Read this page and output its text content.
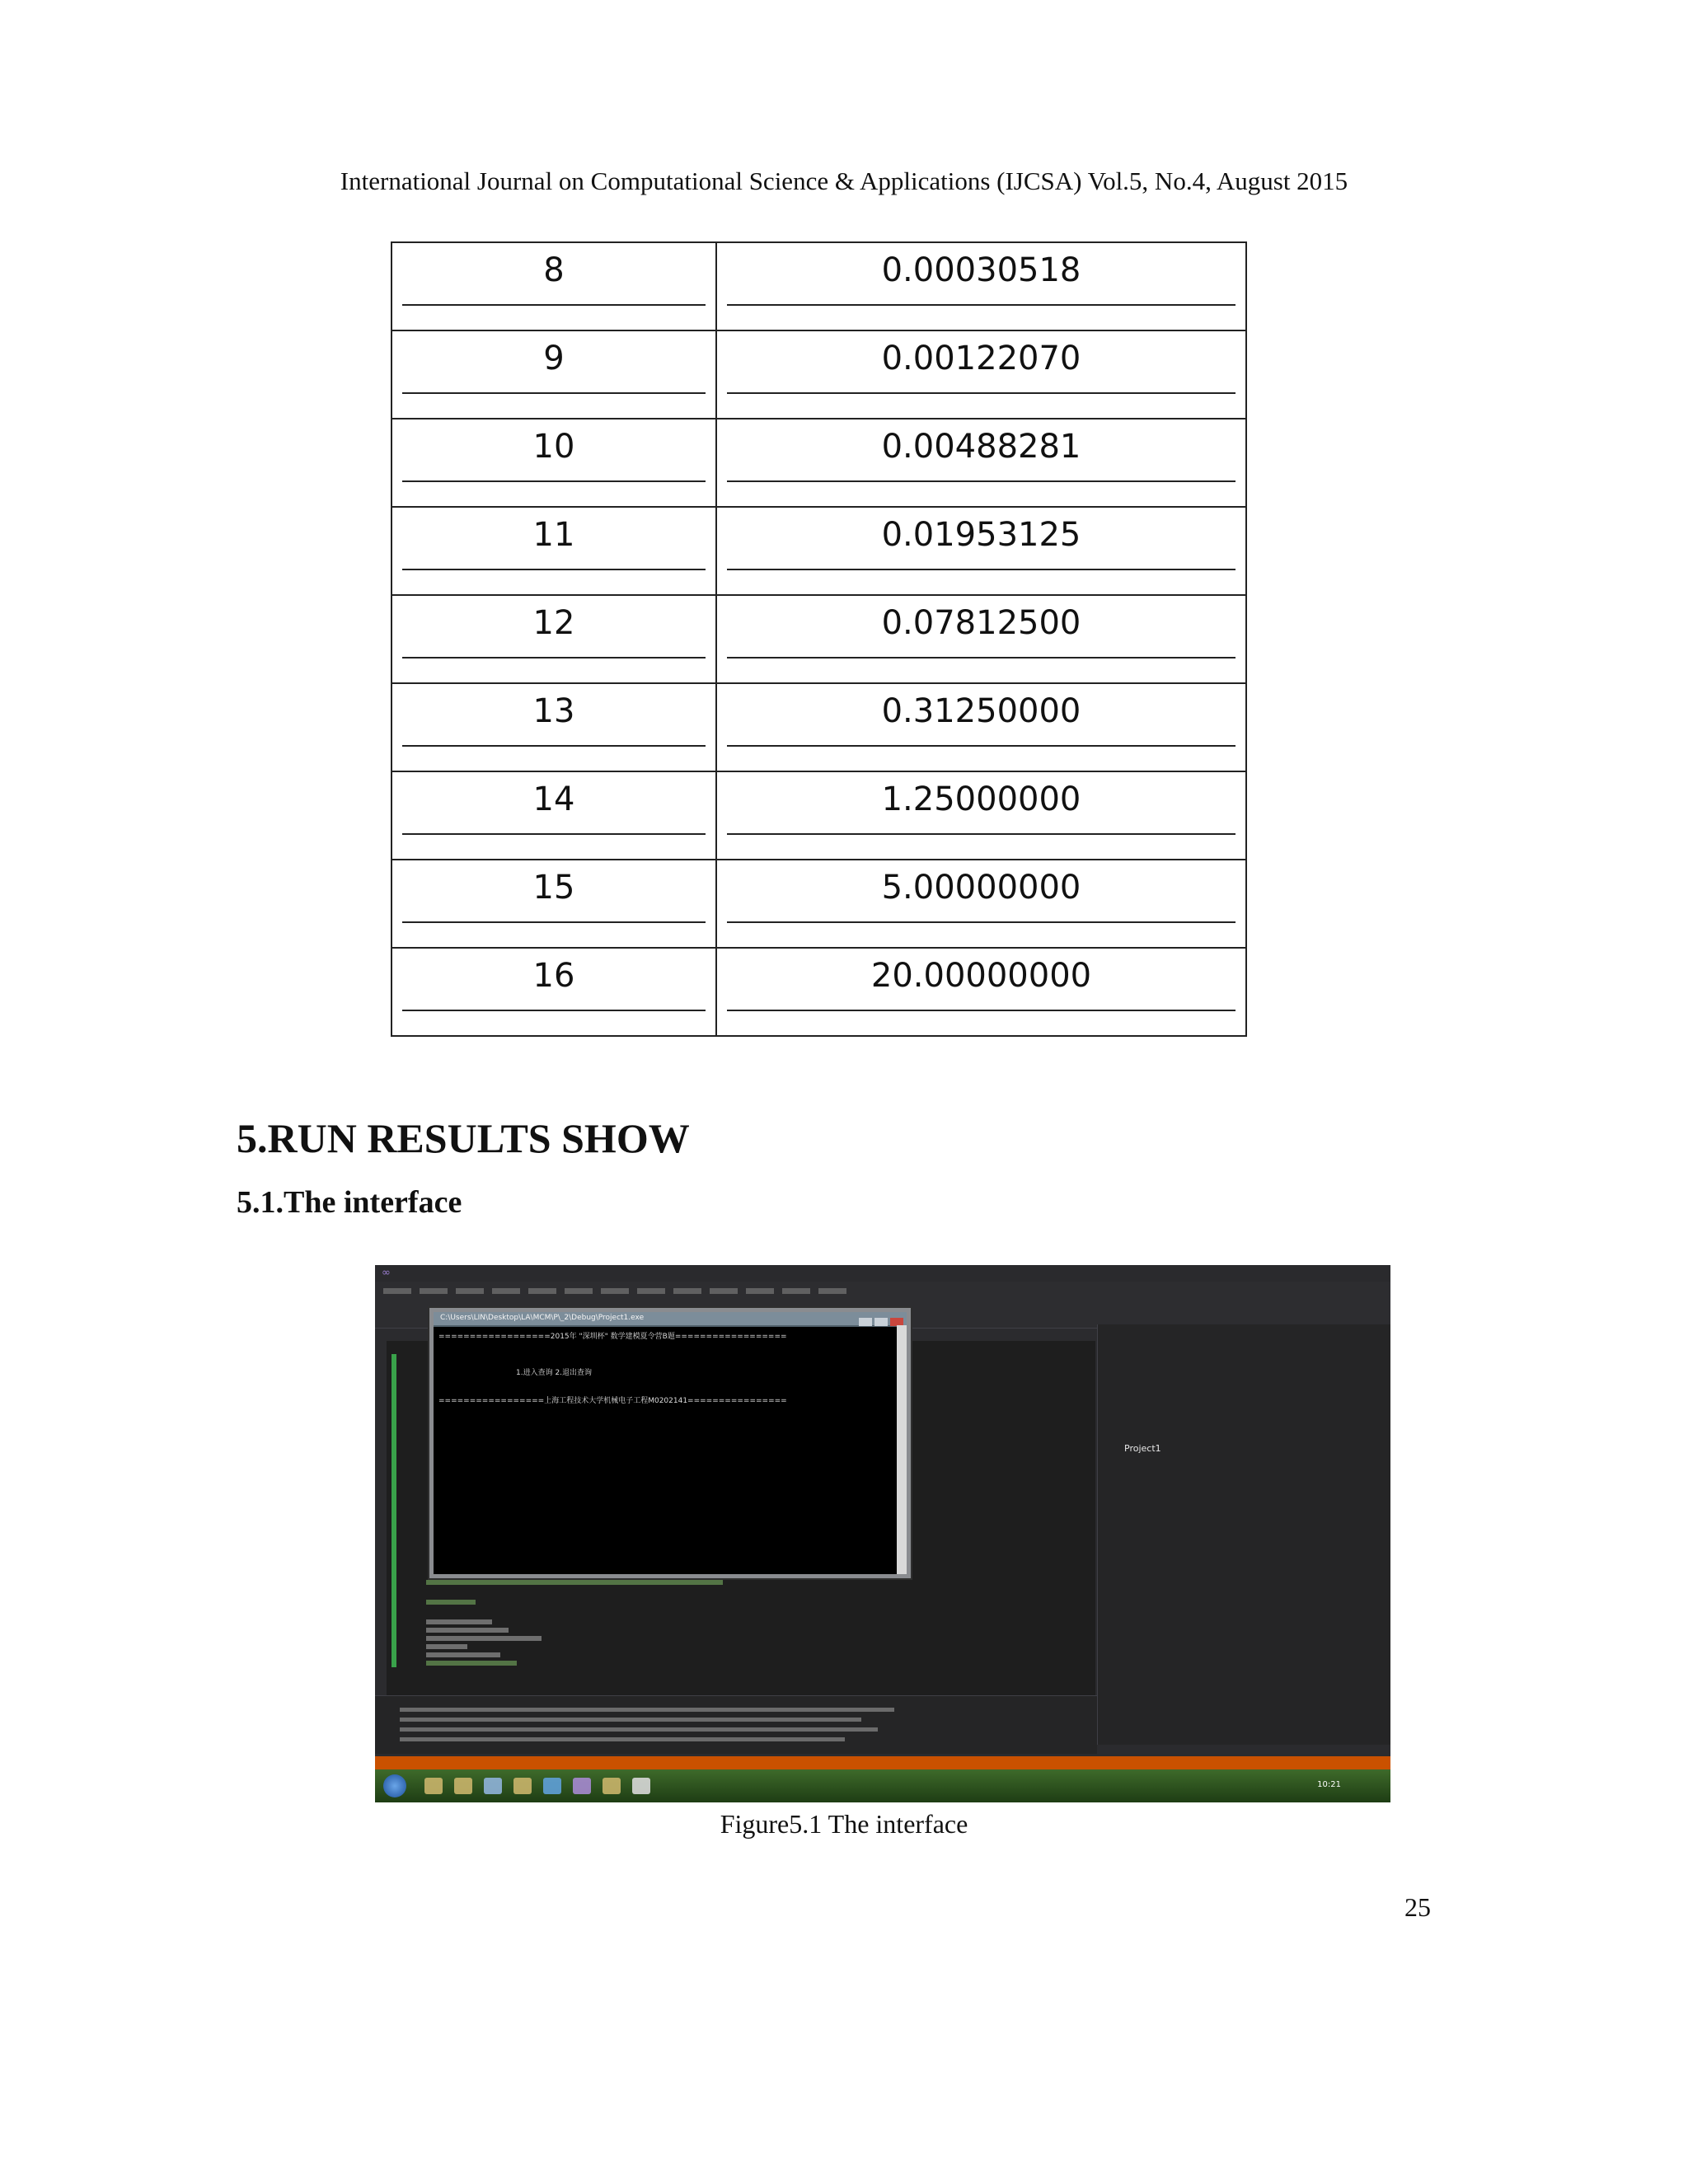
International Journal on Computational Science & Applications (IJCSA) Vol.5, No.4, August 2015
8	0.00030518

9	0.00122070

10	0.00488281

11	0.01953125

12	0.07812500

13	0.31250000

14	1.25000000

15	5.00000000

16	20.00000000
5.RUN RESULTS SHOW
5.1.The interface
∞
Project1
C:\Users\LIN\Desktop\LA\MCM\P\_2\Debug\Project1.exe
==================2015年 "深圳杯" 数学建模夏令营B题==================
1.进入查询 2.退出查询
=================上海工程技术大学机械电子工程M0202141================
10:21
Figure5.1 The interface
25
